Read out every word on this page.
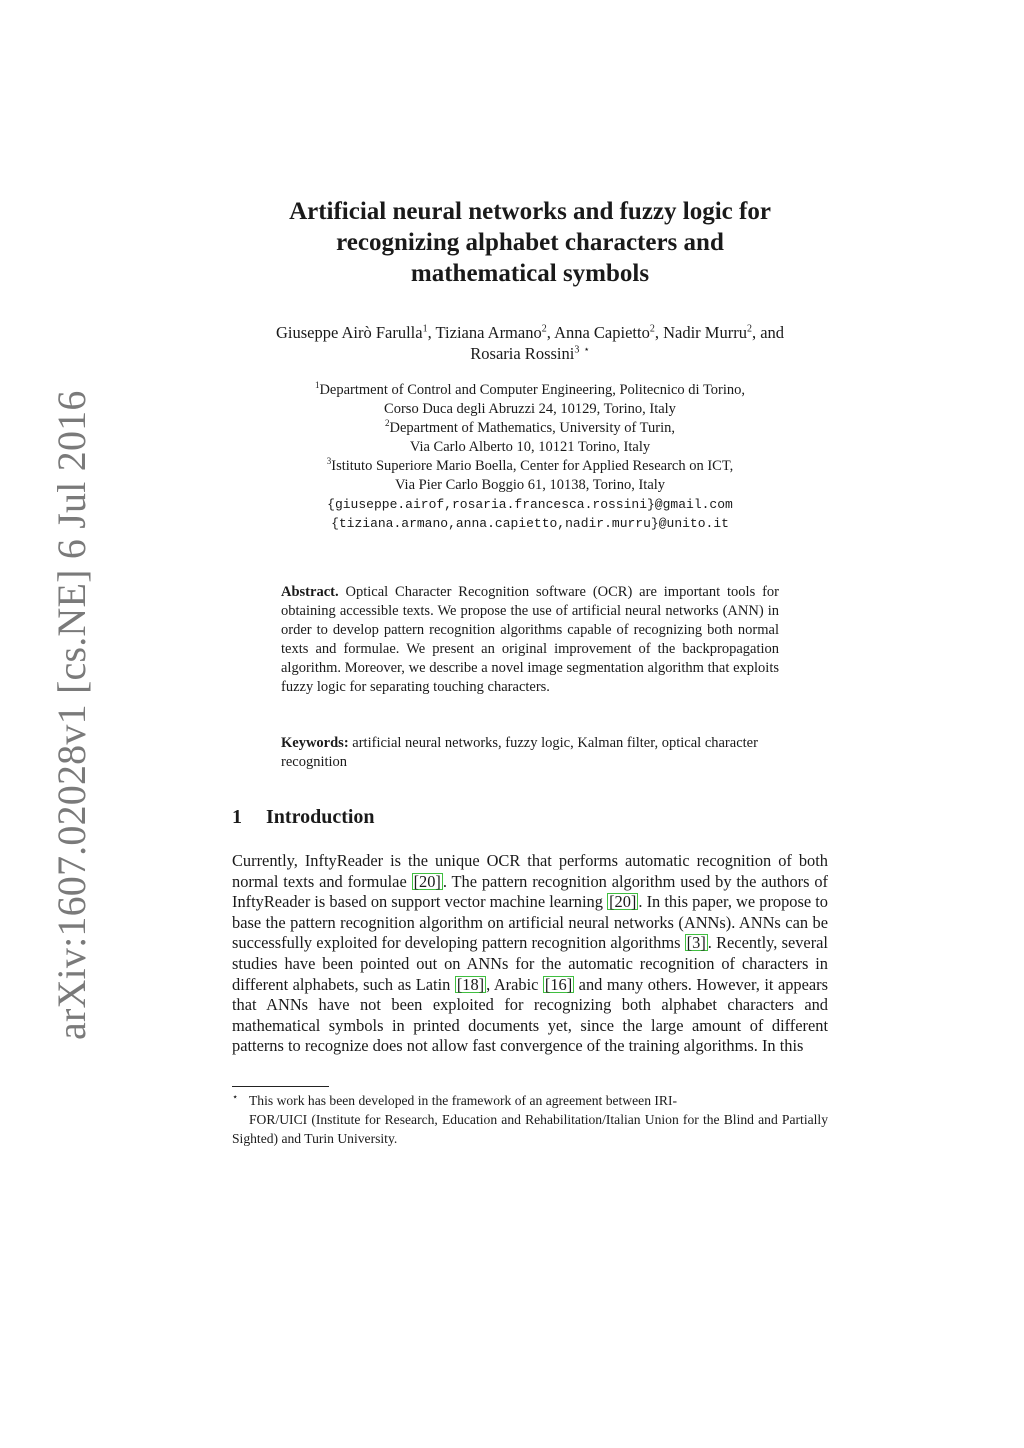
arXiv:1607.02028v1 [cs.NE] 6 Jul 2016
Artificial neural networks and fuzzy logic for
recognizing alphabet characters and
mathematical symbols
Giuseppe Airò Farulla$^1$, Tiziana Armano$^2$, Anna Capietto$^2$, Nadir Murru$^2$, and
Rosaria Rossini$^3$ ⋆
$^1$Department of Control and Computer Engineering, Politecnico di Torino,
Corso Duca degli Abruzzi 24, 10129, Torino, Italy
$^2$Department of Mathematics, University of Turin,
Via Carlo Alberto 10, 10121 Torino, Italy
$^3$Istituto Superiore Mario Boella, Center for Applied Research on ICT,
Via Pier Carlo Boggio 61, 10138, Torino, Italy
{giuseppe.airof,rosaria.francesca.rossini}@gmail.com
{tiziana.armano,anna.capietto,nadir.murru}@unito.it
Abstract. Optical Character Recognition software (OCR) are important tools for obtaining accessible texts. We propose the use of artificial neural networks (ANN) in order to develop pattern recognition algorithms capable of recognizing both normal texts and formulae. We present an original improvement of the backpropagation algorithm. Moreover, we describe a novel image segmentation algorithm that exploits fuzzy logic for separating touching characters.
Keywords: artificial neural networks, fuzzy logic, Kalman filter, optical character recognition
1 Introduction

Currently, InftyReader is the unique OCR that performs automatic recognition of both normal texts and formulae [20] . The pattern recognition algorithm used by the authors of InftyReader is based on support vector machine learning [20] . In this paper, we propose to base the pattern recognition algorithm on artificial neural networks (ANNs). ANNs can be successfully exploited for developing pattern recognition algorithms [3] . Recently, several studies have been pointed out on ANNs for the automatic recognition of characters in different alphabets, such as Latin [18] , Arabic [16] and many others. However, it appears that ANNs have not been exploited for recognizing both alphabet characters and mathematical symbols in printed documents yet, since the large amount of different patterns to recognize does not allow fast convergence of the training algorithms. In this

⋆ This work has been developed in the framework of an agreement between IRI-
FOR/UICI (Institute for Research, Education and Rehabilitation/Italian Union for the Blind and Partially Sighted) and Turin University.
